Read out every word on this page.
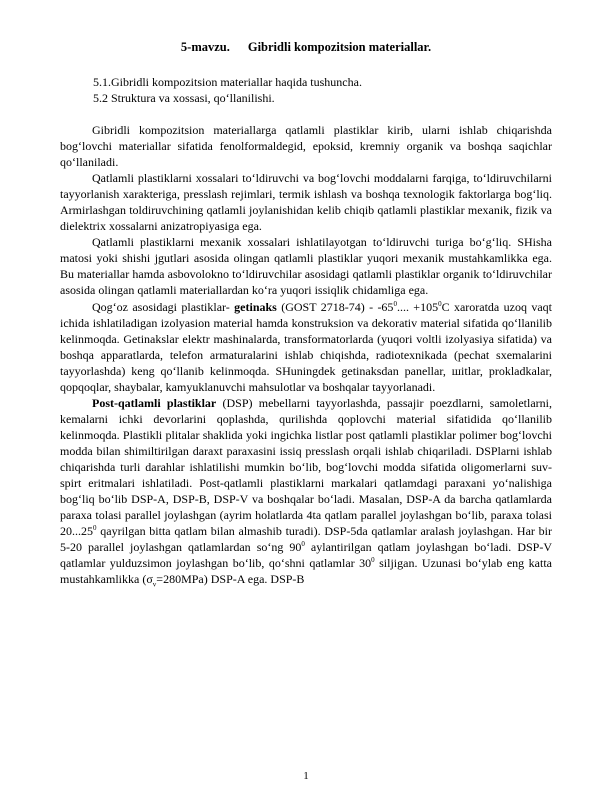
5-mavzu. Gibridli kompozitsion materiallar.
5.1.Gibridli kompozitsion materiallar haqida tushuncha.
5.2 Struktura va xossasi, qo‘llanilishi.

Gibridli kompozitsion materiallarga qatlamli plastiklar kirib, ularni ishlab chiqarishda bog‘lovchi materiallar sifatida fenolformaldegid, epoksid, kremniy organik va boshqa saqichlar qo‘llaniladi.

Qatlamli plastiklarni xossalari to‘ldiruvchi va bog‘lovchi moddalarni farqiga, to‘ldiruvchilarni tayyorlanish xarakteriga, presslash rejimlari, termik ishlash va boshqa texnologik faktorlarga bog‘liq. Armirlashgan toldiruvchining qatlamli joylanishidan kelib chiqib qatlamli plastiklar mexanik, fizik va dielektrix xossalarni anizatropiyasiga ega.

Qatlamli plastiklarni mexanik xossalari ishlatilayotgan to‘ldiruvchi turiga bo‘g‘liq. SHisha matosi yoki shishi jgutlari asosida olingan qatlamli plastiklar yuqori mexanik mustahkamlikka ega. Bu materiallar hamda asbovolokno to‘ldiruvchilar asosidagi qatlamli plastiklar organik to‘ldiruvchilar asosida olingan qatlamli materiallardan ko‘ra yuqori issiqlik chidamliga ega.

Qog‘oz asosidagi plastiklar- getinaks (GOST $2718-74) - -65^0$.... $+105^0C$ xaroratda uzoq vaqt ichida ishlatiladigan izolyasion material hamda konstruksion va dekorativ material sifatida qo‘llanilib kelinmoqda. Getinakslar elektr mashinalarda, transformatorlarda (yuqori voltli izolyasiya sifatida) va boshqa apparatlarda, telefon armaturalarini ishlab chiqishda, radiotexnikada (pechat sxemalarini tayyorlashda) keng qo‘llanib kelinmoqda. SHuningdek getinaksdan panellar, шitlar, prokladkalar, qopqoqlar, shaybalar, kamyuklanuvchi mahsulotlar va boshqalar tayyorlanadi.

Post-qatlamli plastiklar (DSP) mebellarni tayyorlashda, passajir poezdlarni, samoletlarni, kemalarni ichki devorlarini qoplashda, qurilishda qoplovchi material sifatidida qo‘llanilib kelinmoqda. Plastikli plitalar shaklida yoki ingichka listlar post qatlamli plastiklar polimer bog‘lovchi modda bilan shimiltirilgan daraxt paraxasini issiq presslash orqali ishlab chiqariladi. DSPlarni ishlab chiqarishda turli darahlar ishlatilishi mumkin bo‘lib, bog‘lovchi modda sifatida oligomerlarni suv-spirt eritmalari ishlatiladi. Post-qatlamli plastiklarni markalari qatlamdagi paraxani yo‘nalishiga bog‘liq bo‘lib DSP-A, DSP-B, DSP-V va boshqalar bo‘ladi. Masalan, DSP-A da barcha qatlamlarda paraxa tolasi parallel joylashgan (ayrim holatlarda 4ta qatlam parallel joylashgan bo‘lib, paraxa tolasi 20...25$^0$ qayrilgan bitta qatlam bilan almashib turadi). DSP-5da qatlamlar aralash joylashgan. Har bir 5-20 parallel joylashgan qatlamlardan so‘ng $90^0$ aylantirilgan qatlam joylashgan bo‘ladi. DSP-V qatlamlar yulduzsimon joylashgan bo‘lib, qo‘shni qatlamlar $30^0$ siljigan. Uzunasi bo‘ylab eng katta mustahkamlikka $(\sigma_v=280MPa)$ DSP-A ega. DSP-B

1
